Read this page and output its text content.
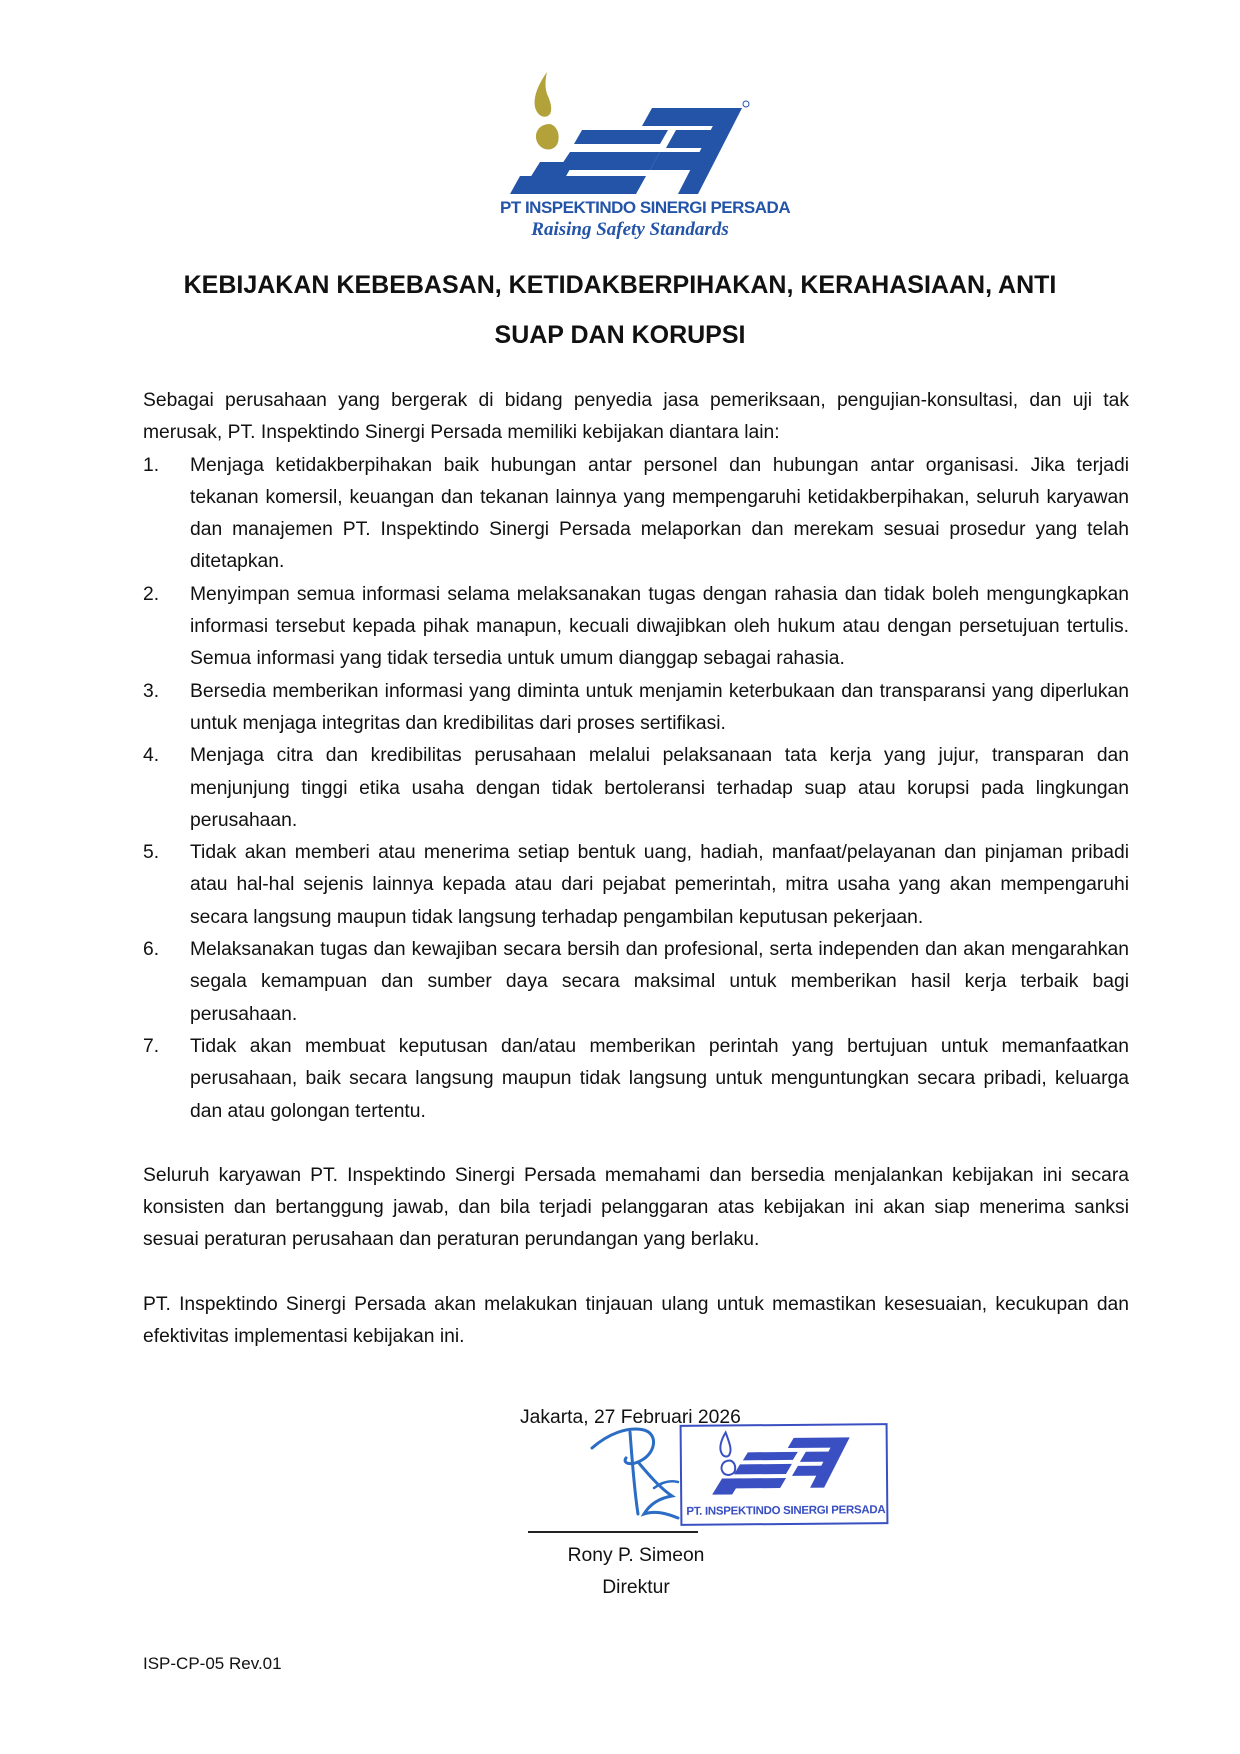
PT INSPEKTINDO SINERGI PERSADA
Raising Safety Standards
KEBIJAKAN KEBEBASAN, KETIDAKBERPIHAKAN, KERAHASIAAN, ANTI
SUAP DAN KORUPSI

Sebagai perusahaan yang bergerak di bidang penyedia jasa pemeriksaan, pengujian-konsultasi, dan uji tak merusak, PT. Inspektindo Sinergi Persada memiliki kebijakan diantara lain:

1.	Menjaga ketidakberpihakan baik hubungan antar personel dan hubungan antar organisasi. Jika terjadi tekanan komersil, keuangan dan tekanan lainnya yang mempengaruhi ketidakberpihakan, seluruh karyawan dan manajemen PT. Inspektindo Sinergi Persada melaporkan dan merekam sesuai prosedur yang telah ditetapkan.
2.	Menyimpan semua informasi selama melaksanakan tugas dengan rahasia dan tidak boleh mengungkapkan informasi tersebut kepada pihak manapun, kecuali diwajibkan oleh hukum atau dengan persetujuan tertulis. Semua informasi yang tidak tersedia untuk umum dianggap sebagai rahasia.
3.	Bersedia memberikan informasi yang diminta untuk menjamin keterbukaan dan transparansi yang diperlukan untuk menjaga integritas dan kredibilitas dari proses sertifikasi.
4.	Menjaga citra dan kredibilitas perusahaan melalui pelaksanaan tata kerja yang jujur, transparan dan menjunjung tinggi etika usaha dengan tidak bertoleransi terhadap suap atau korupsi pada lingkungan perusahaan.
5.	Tidak akan memberi atau menerima setiap bentuk uang, hadiah, manfaat/pelayanan dan pinjaman pribadi atau hal-hal sejenis lainnya kepada atau dari pejabat pemerintah, mitra usaha yang akan mempengaruhi secara langsung maupun tidak langsung terhadap pengambilan keputusan pekerjaan.
6.	Melaksanakan tugas dan kewajiban secara bersih dan profesional, serta independen dan akan mengarahkan segala kemampuan dan sumber daya secara maksimal untuk memberikan hasil kerja terbaik bagi perusahaan.
7.	Tidak akan membuat keputusan dan/atau memberikan perintah yang bertujuan untuk memanfaatkan perusahaan, baik secara langsung maupun tidak langsung untuk menguntungkan secara pribadi, keluarga dan atau golongan tertentu.

Seluruh karyawan PT. Inspektindo Sinergi Persada memahami dan bersedia menjalankan kebijakan ini secara konsisten dan bertanggung jawab, dan bila terjadi pelanggaran atas kebijakan ini akan siap menerima sanksi sesuai peraturan perusahaan dan peraturan perundangan yang berlaku.

PT. Inspektindo Sinergi Persada akan melakukan tinjauan ulang untuk memastikan kesesuaian, kecukupan dan efektivitas implementasi kebijakan ini.

Jakarta, 27 Februari 2026
PT. INSPEKTINDO SINERGI PERSADA
Rony P. Simeon
Direktur
ISP-CP-05 Rev.01
